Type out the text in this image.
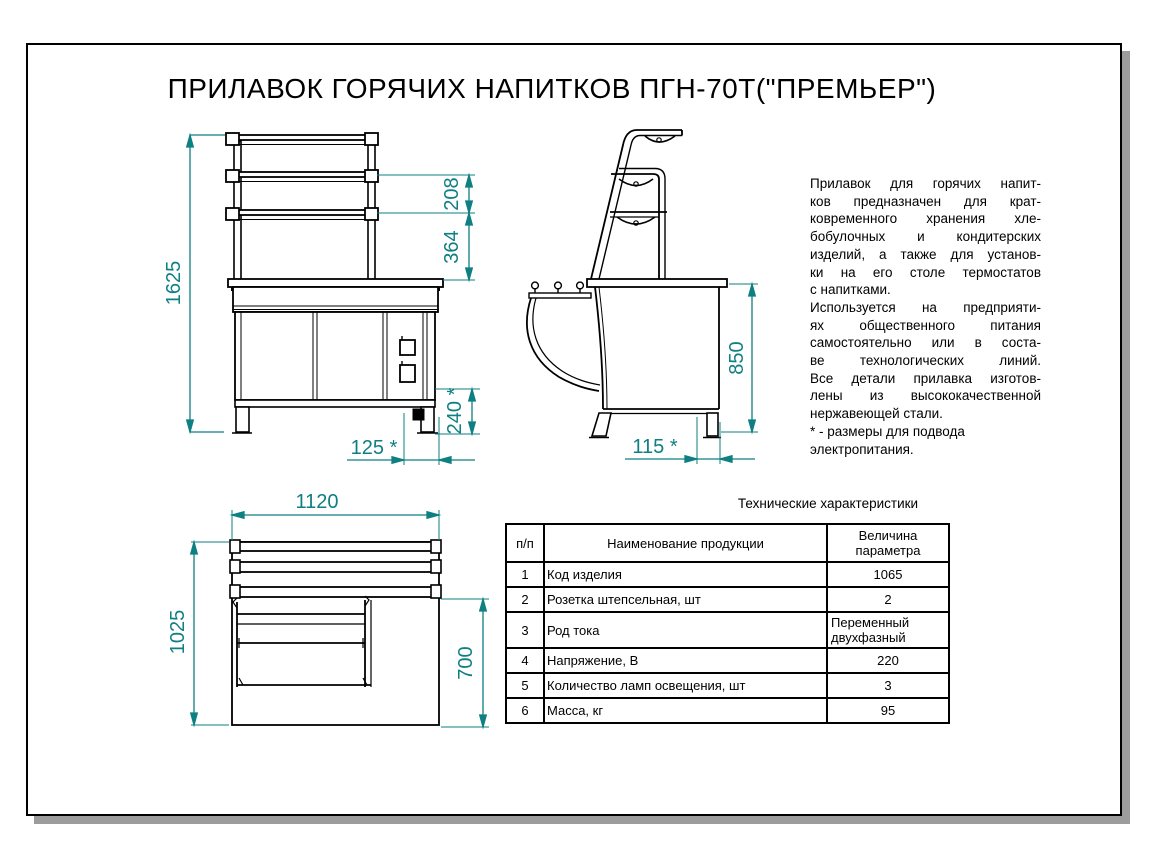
ПРИЛАВОК ГОРЯЧИХ НАПИТКОВ ПГН-70Т("ПРЕМЬЕР")
1625
208
364
240 *
125 *
850
115 *
1120
1025
700
Прилавок для горячих напит-
ков предназначен для крат-
ковременного хранения хле-
бобулочных и кондитерских
изделий, а также для установ-
ки на его столе термостатов
с напитками.
Используется на предприяти-
ях общественного питания
самостоятельно или в соста-
ве технологических линий.
Все детали прилавка изготов-
лены из высококачественной
нержавеющей стали.
* - размеры для подвода
электропитания.
Технические характеристики
п/п	Наименование продукции	Величина параметра
1	Код изделия	1065
2	Розетка штепсельная, шт	2
3	Род тока	Переменный двухфазный
4	Напряжение, В	220
5	Количество ламп освещения, шт	3
6	Масса, кг	95
